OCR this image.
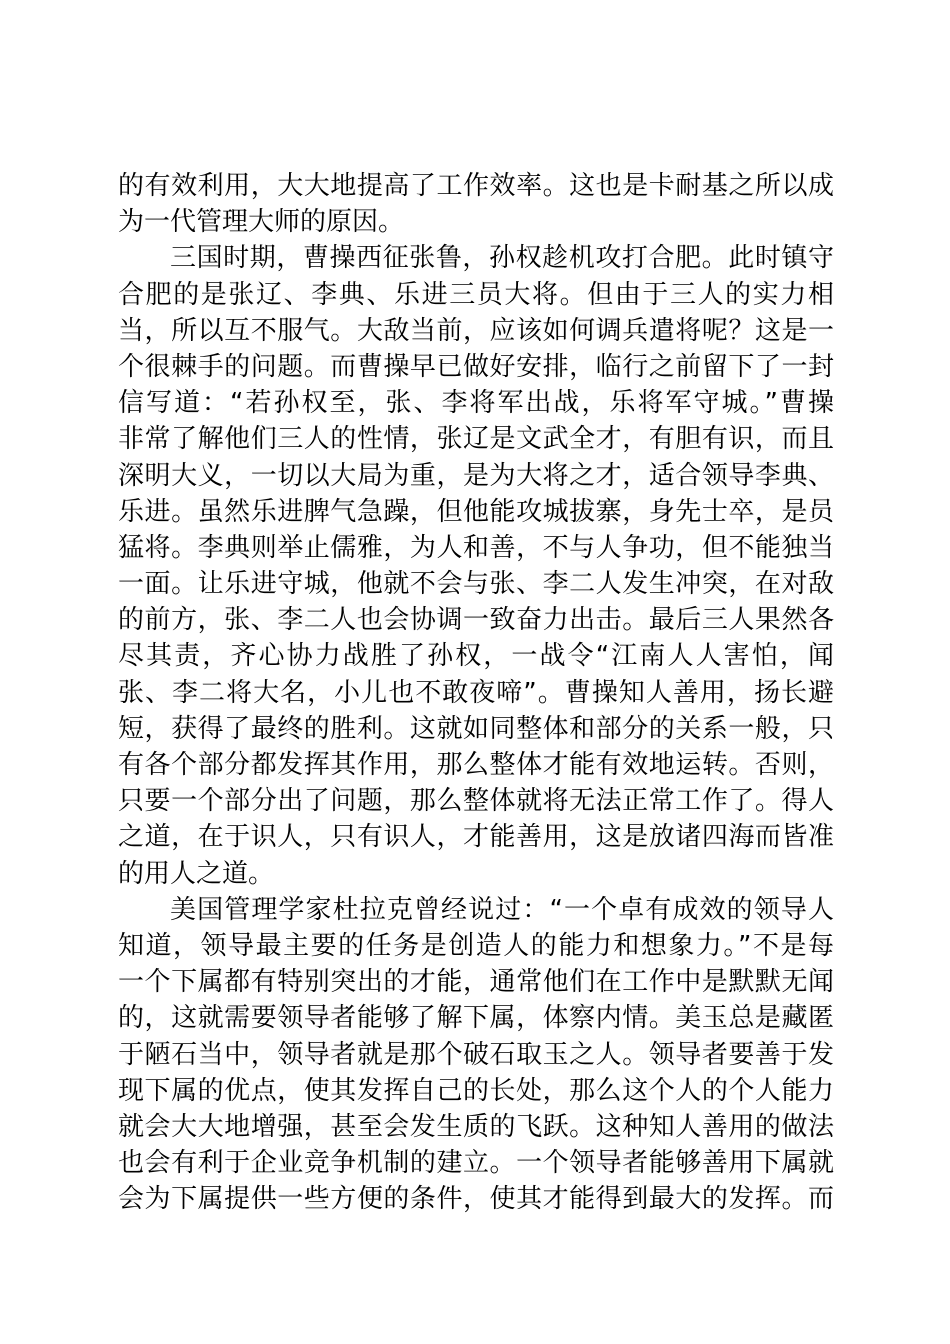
的有效利用，大大地提高了工作效率。这也是卡耐基之所以成
为一代管理大师的原因。
三国时期，曹操西征张鲁，孙权趁机攻打合肥。此时镇守
合肥的是张辽、李典、乐进三员大将。但由于三人的实力相
当，所以互不服气。大敌当前，应该如何调兵遣将呢？这是一
个很棘手的问题。而曹操早已做好安排，临行之前留下了一封
信写道：“若孙权至，张、李将军出战，乐将军守城。”曹操
非常了解他们三人的性情，张辽是文武全才，有胆有识，而且
深明大义，一切以大局为重，是为大将之才，适合领导李典、
乐进。虽然乐进脾气急躁，但他能攻城拔寨，身先士卒，是员
猛将。李典则举止儒雅，为人和善，不与人争功，但不能独当
一面。让乐进守城，他就不会与张、李二人发生冲突，在对敌
的前方，张、李二人也会协调一致奋力出击。最后三人果然各
尽其责，齐心协力战胜了孙权，一战令“江南人人害怕，闻
张、李二将大名，小儿也不敢夜啼”。曹操知人善用，扬长避
短，获得了最终的胜利。这就如同整体和部分的关系一般，只
有各个部分都发挥其作用，那么整体才能有效地运转。否则，
只要一个部分出了问题，那么整体就将无法正常工作了。得人
之道，在于识人，只有识人，才能善用，这是放诸四海而皆准
的用人之道。
美国管理学家杜拉克曾经说过：“一个卓有成效的领导人
知道，领导最主要的任务是创造人的能力和想象力。”不是每
一个下属都有特别突出的才能，通常他们在工作中是默默无闻
的，这就需要领导者能够了解下属，体察内情。美玉总是藏匿
于陋石当中，领导者就是那个破石取玉之人。领导者要善于发
现下属的优点，使其发挥自己的长处，那么这个人的个人能力
就会大大地增强，甚至会发生质的飞跃。这种知人善用的做法
也会有利于企业竞争机制的建立。一个领导者能够善用下属就
会为下属提供一些方便的条件，使其才能得到最大的发挥。而
